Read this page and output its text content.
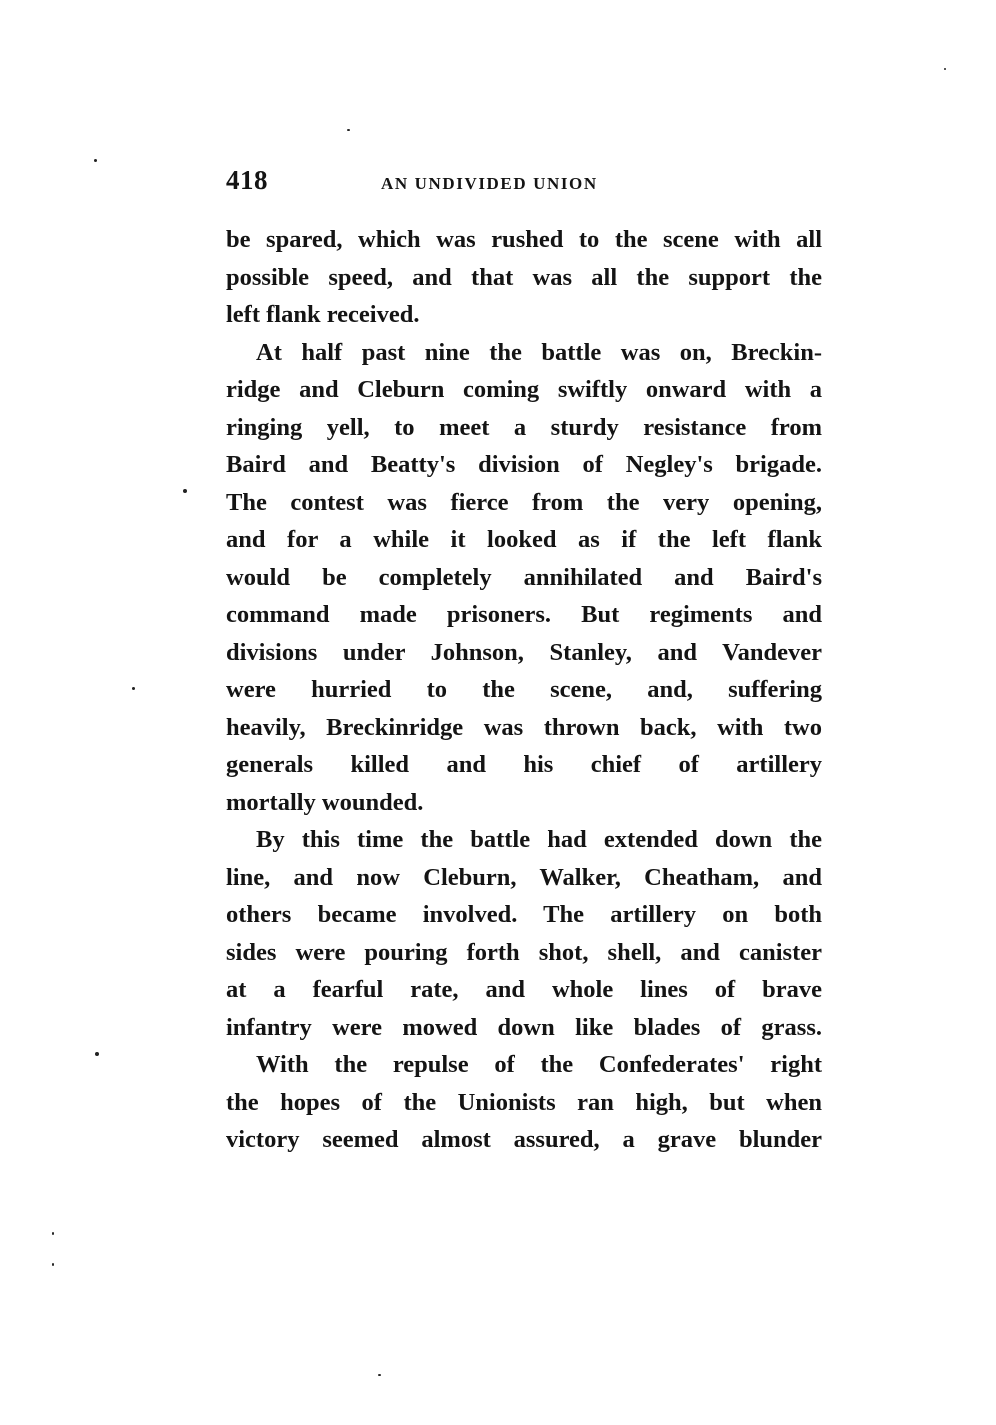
418	AN UNDIVIDED UNION
be spared, which was rushed to the scene with all
possible speed, and that was all the support the
left flank received.
At half past nine the battle was on, Breckin-
ridge and Cleburn coming swiftly onward with a
ringing yell, to meet a sturdy resistance from
Baird and Beatty's division of Negley's brigade.
The contest was fierce from the very opening,
and for a while it looked as if the left flank
would be completely annihilated and Baird's
command made prisoners. But regiments and
divisions under Johnson, Stanley, and Vandever
were hurried to the scene, and, suffering
heavily, Breckinridge was thrown back, with two
generals killed and his chief of artillery
mortally wounded.
By this time the battle had extended down the
line, and now Cleburn, Walker, Cheatham, and
others became involved. The artillery on both
sides were pouring forth shot, shell, and canister
at a fearful rate, and whole lines of brave
infantry were mowed down like blades of grass.
With the repulse of the Confederates' right
the hopes of the Unionists ran high, but when
victory seemed almost assured, a grave blunder
